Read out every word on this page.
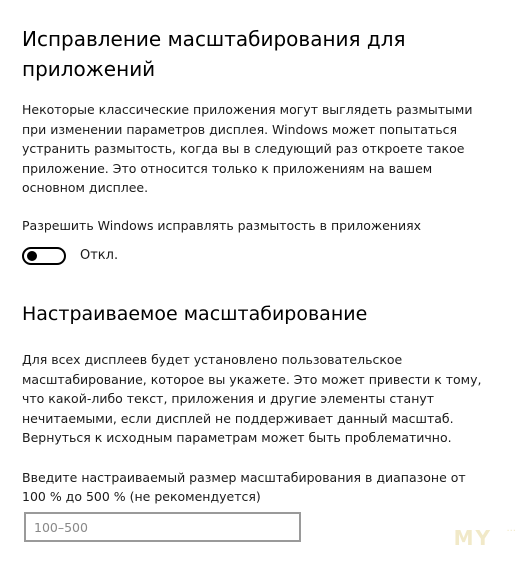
Исправление масштабирования для приложений
Некоторые классические приложения могут выглядеть размытыми при изменении параметров дисплея. Windows может попытаться устранить размытость, когда вы в следующий раз откроете такое приложение. Это относится только к приложениям на вашем основном дисплее.
Разрешить Windows исправлять размытость в приложениях
Откл.
Настраиваемое масштабирование
Для всех дисплеев будет установлено пользовательское масштабирование, которое вы укажете. Это может привести к тому, что какой-либо текст, приложения и другие элементы станут нечитаемыми, если дисплей не поддерживает данный масштаб. Вернуться к исходным параметрам может быть проблематично.
Введите настраиваемый размер масштабирования в диапазоне от 100 % до 500 % (не рекомендуется)
100–500
MY ...
